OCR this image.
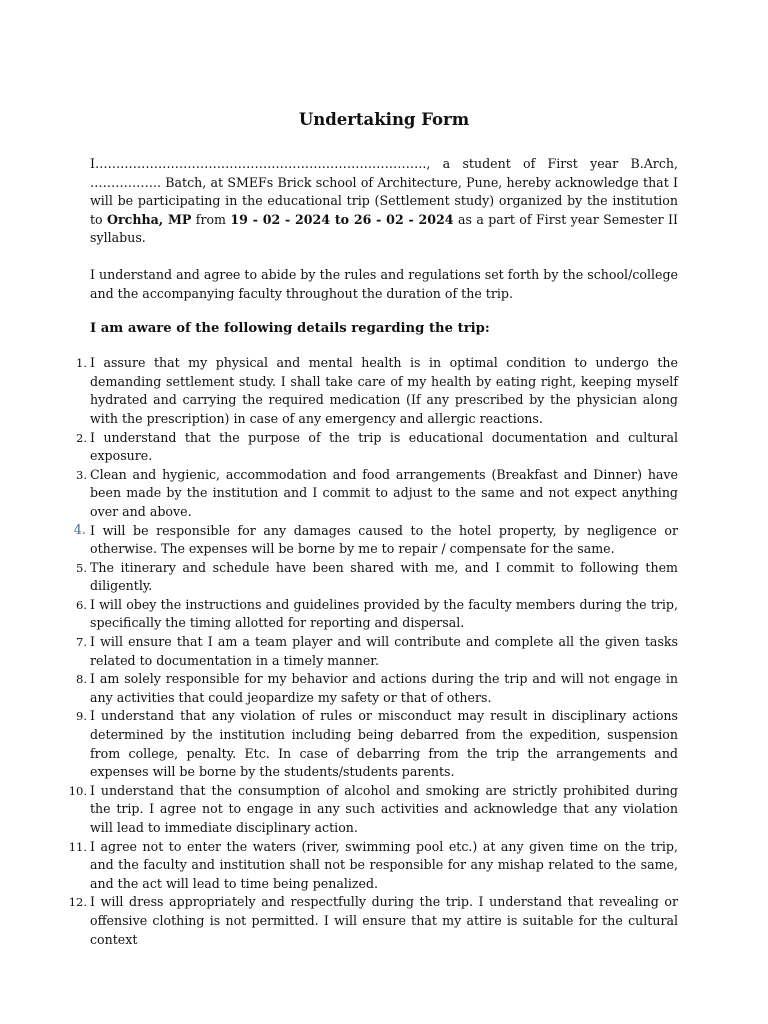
Undertaking Form

I……………………………………………………………………., a student of First year B.Arch, …………….. Batch, at SMEFs Brick school of Architecture, Pune, hereby acknowledge that I will be participating in the educational trip (Settlement study) organized by the institution to Orchha, MP from 19 - 02 - 2024 to 26 - 02 - 2024 as a part of First year Semester II syllabus.

I understand and agree to abide by the rules and regulations set forth by the school/college and the accompanying faculty throughout the duration of the trip.

I am aware of the following details regarding the trip:
1. I assure that my physical and mental health is in optimal condition to undergo the demanding settlement study. I shall take care of my health by eating right, keeping myself hydrated and carrying the required medication (If any prescribed by the physician along with the prescription) in case of any emergency and allergic reactions.
2. I understand that the purpose of the trip is educational documentation and cultural exposure.
3. Clean and hygienic, accommodation and food arrangements (Breakfast and Dinner) have been made by the institution and I commit to adjust to the same and not expect anything over and above.
4. I will be responsible for any damages caused to the hotel property, by negligence or otherwise. The expenses will be borne by me to repair / compensate for the same.
5. The itinerary and schedule have been shared with me, and I commit to following them diligently.
6. I will obey the instructions and guidelines provided by the faculty members during the trip, specifically the timing allotted for reporting and dispersal.
7. I will ensure that I am a team player and will contribute and complete all the given tasks related to documentation in a timely manner.
8. I am solely responsible for my behavior and actions during the trip and will not engage in any activities that could jeopardize my safety or that of others.
9. I understand that any violation of rules or misconduct may result in disciplinary actions determined by the institution including being debarred from the expedition, suspension from college, penalty. Etc. In case of debarring from the trip the arrangements and expenses will be borne by the students/students parents.
10. I understand that the consumption of alcohol and smoking are strictly prohibited during the trip. I agree not to engage in any such activities and acknowledge that any violation will lead to immediate disciplinary action.
11. I agree not to enter the waters (river, swimming pool etc.) at any given time on the trip, and the faculty and institution shall not be responsible for any mishap related to the same, and the act will lead to time being penalized.
12. I will dress appropriately and respectfully during the trip. I understand that revealing or offensive clothing is not permitted. I will ensure that my attire is suitable for the cultural context
